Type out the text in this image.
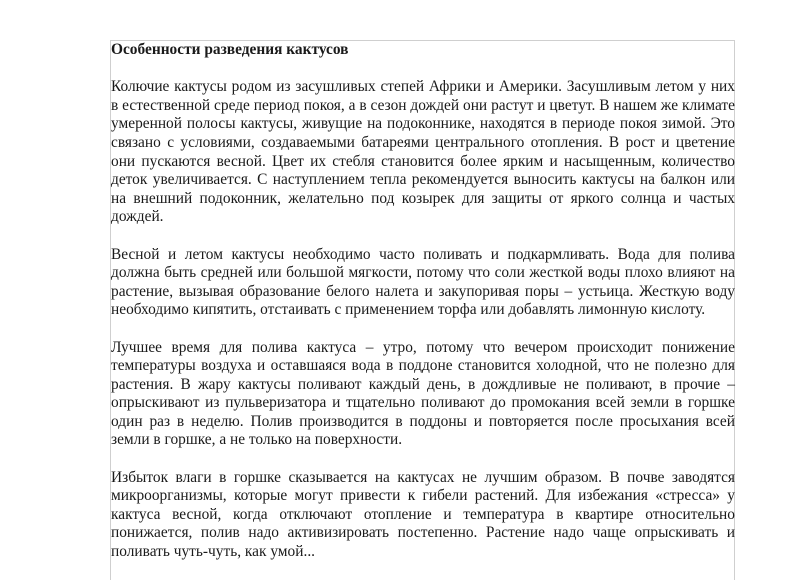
Особенности разведения кактусов

Колючие кактусы родом из засушливых степей Африки и Америки. Засушливым летом у них в естественной среде период покоя, а в сезон дождей они растут и цветут. В нашем же климате умеренной полосы кактусы, живущие на подоконнике, находятся в периоде покоя зимой. Это связано с условиями, создаваемыми батареями центрального отопления. В рост и цветение они пускаются весной. Цвет их стебля становится более ярким и насыщенным, количество деток увеличивается. С наступлением тепла рекомендуется выносить кактусы на балкон или на внешний подоконник, желательно под козырек для защиты от яркого солнца и частых дождей.

Весной и летом кактусы необходимо часто поливать и подкармливать. Вода для полива должна быть средней или большой мягкости, потому что соли жесткой воды плохо влияют на растение, вызывая образование белого налета и закупоривая поры – устьица. Жесткую воду необходимо кипятить, отстаивать с применением торфа или добавлять лимонную кислоту.

Лучшее время для полива кактуса – утро, потому что вечером происходит понижение температуры воздуха и оставшаяся вода в поддоне становится холодной, что не полезно для растения. В жару кактусы поливают каждый день, в дождливые не поливают, в прочие – опрыскивают из пульверизатора и тщательно поливают до промокания всей земли в горшке один раз в неделю. Полив производится в поддоны и повторяется после просыхания всей земли в горшке, а не только на поверхности.

Избыток влаги в горшке сказывается на кактусах не лучшим образом. В почве заводятся микроорганизмы, которые могут привести к гибели растений. Для избежания «стресса» у кактуса весной, когда отключают отопление и температура в квартире относительно понижается, полив надо активизировать постепенно. Растение надо чаще опрыскивать и поливать чуть-чуть, как умой...
